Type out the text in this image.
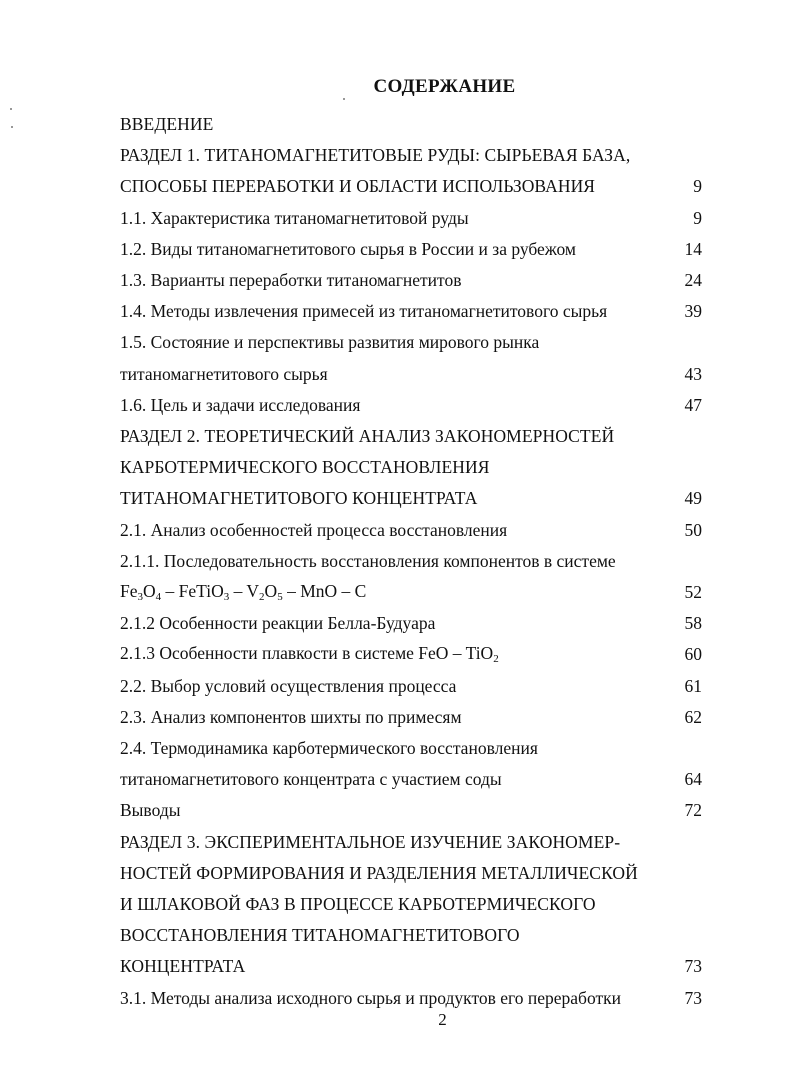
СОДЕРЖАНИЕ
ВВЕДЕНИЕ
РАЗДЕЛ 1. ТИТАНОМАГНЕТИТОВЫЕ РУДЫ: СЫРЬЕВАЯ БАЗА,
СПОСОБЫ ПЕРЕРАБОТКИ И ОБЛАСТИ ИСПОЛЬЗОВАНИЯ	9
1.1. Характеристика титаномагнетитовой руды	9
1.2. Виды титаномагнетитового сырья в России и за рубежом	14
1.3. Варианты переработки титаномагнетитов	24
1.4. Методы извлечения примесей из титаномагнетитового сырья	39
1.5. Состояние и перспективы развития мирового рынка
титаномагнетитового сырья	43
1.6. Цель и задачи исследования	47
РАЗДЕЛ 2. ТЕОРЕТИЧЕСКИЙ АНАЛИЗ ЗАКОНОМЕРНОСТЕЙ
КАРБОТЕРМИЧЕСКОГО ВОССТАНОВЛЕНИЯ
ТИТАНОМАГНЕТИТОВОГО КОНЦЕНТРАТА	49
2.1. Анализ особенностей процесса восстановления	50
2.1.1. Последовательность восстановления компонентов в системе
$Fe_3O_4$ – FeTiO$_3$ – $V_2O_5$ – MnO – C	52
2.1.2 Особенности реакции Белла-Будуара	58
2.1.3 Особенности плавкости в системе FeO – TiO$_2$	60
2.2. Выбор условий осуществления процесса	61
2.3. Анализ компонентов шихты по примесям	62
2.4. Термодинамика карботермического восстановления
титаномагнетитового концентрата с участием соды	64
Выводы	72
РАЗДЕЛ 3. ЭКСПЕРИМЕНТАЛЬНОЕ ИЗУЧЕНИЕ ЗАКОНОМЕР-
НОСТЕЙ ФОРМИРОВАНИЯ И РАЗДЕЛЕНИЯ МЕТАЛЛИЧЕСКОЙ
И ШЛАКОВОЙ ФАЗ В ПРОЦЕССЕ КАРБОТЕРМИЧЕСКОГО
ВОССТАНОВЛЕНИЯ ТИТАНОМАГНЕТИТОВОГО
КОНЦЕНТРАТА	73
3.1. Методы анализа исходного сырья и продуктов его переработки	73
2
